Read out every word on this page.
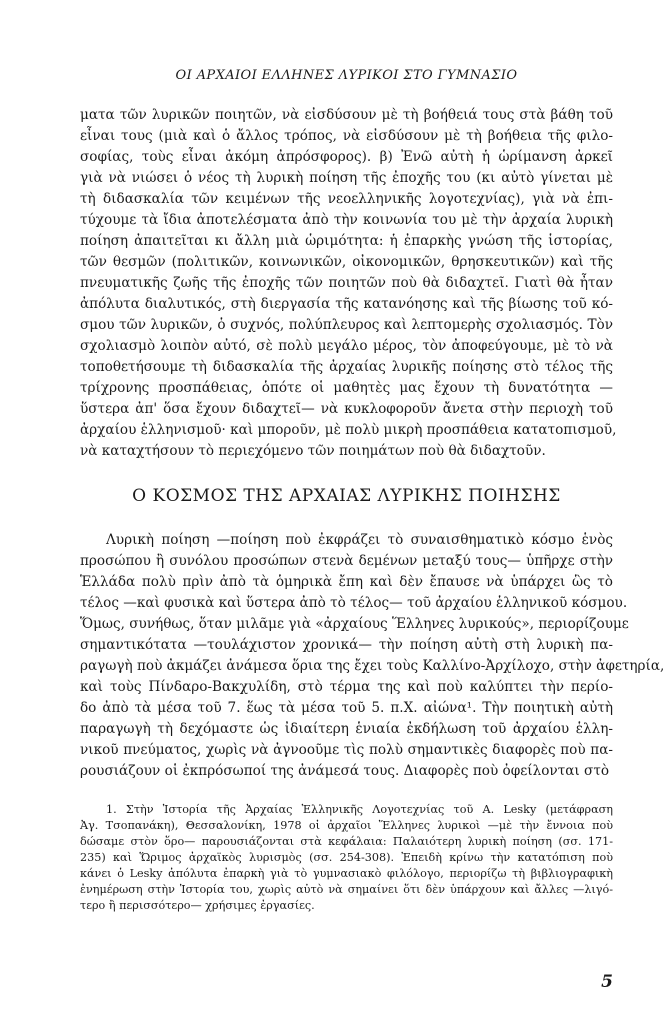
ΟΙ ΑΡΧΑΙΟΙ ΕΛΛΗΝΕΣ ΛΥΡΙΚΟΙ ΣΤΟ ΓΥΜΝΑΣΙΟ

ματα τῶν λυρικῶν ποιητῶν, νὰ εἰσδύσουν μὲ τὴ βοήθειά τους στὰ βάθη τοῦ
εἶναι τους (μιὰ καὶ ὁ ἄλλος τρόπος, νὰ εἰσδύσουν μὲ τὴ βοήθεια τῆς φιλο-
σοφίας, τοὺς εἶναι ἀκόμη ἀπρόσφορος). β) Ἐνῶ αὐτὴ ἡ ὡρίμανση ἀρκεῖ
γιὰ νὰ νιώσει ὁ νέος τὴ λυρικὴ ποίηση τῆς ἐποχῆς του (κι αὐτὸ γίνεται μὲ
τὴ διδασκαλία τῶν κειμένων τῆς νεοελληνικῆς λογοτεχνίας), γιὰ νὰ ἐπι-
τύχουμε τὰ ἴδια ἀποτελέσματα ἀπὸ τὴν κοινωνία του μὲ τὴν ἀρχαία λυρικὴ
ποίηση ἀπαιτεῖται κι ἄλλη μιὰ ὡριμότητα: ἡ ἐπαρκὴς γνώση τῆς ἱστορίας,
τῶν θεσμῶν (πολιτικῶν, κοινωνικῶν, οἰκονομικῶν, θρησκευτικῶν) καὶ τῆς
πνευματικῆς ζωῆς τῆς ἐποχῆς τῶν ποιητῶν ποὺ θὰ διδαχτεῖ. Γιατὶ θὰ ἦταν
ἀπόλυτα διαλυτικός, στὴ διεργασία τῆς κατανόησης καὶ τῆς βίωσης τοῦ κό-
σμου τῶν λυρικῶν, ὁ συχνός, πολύπλευρος καὶ λεπτομερὴς σχολιασμός. Τὸν
σχολιασμὸ λοιπὸν αὐτό, σὲ πολὺ μεγάλο μέρος, τὸν ἀποφεύγουμε, μὲ τὸ νὰ
τοποθετήσουμε τὴ διδασκαλία τῆς ἀρχαίας λυρικῆς ποίησης στὸ τέλος τῆς
τρίχρονης προσπάθειας, ὁπότε οἱ μαθητὲς μας ἔχουν τὴ δυνατότητα —
ὕστερα ἀπ' ὅσα ἔχουν διδαχτεῖ— νὰ κυκλοφοροῦν ἄνετα στὴν περιοχὴ τοῦ
ἀρχαίου ἑλληνισμοῦ· καὶ μποροῦν, μὲ πολὺ μικρὴ προσπάθεια κατατοπισμοῦ,
νὰ καταχτήσουν τὸ περιεχόμενο τῶν ποιημάτων ποὺ θὰ διδαχτοῦν.

Ο ΚΟΣΜΟΣ ΤΗΣ ΑΡΧΑΙΑΣ ΛΥΡΙΚΗΣ ΠΟΙΗΣΗΣ

Λυρικὴ ποίηση —ποίηση ποὺ ἐκφράζει τὸ συναισθηματικὸ κόσμο ἑνὸς
προσώπου ἢ συνόλου προσώπων στενὰ δεμένων μεταξύ τους— ὑπῆρχε στὴν
Ἑλλάδα πολὺ πρὶν ἀπὸ τὰ ὁμηρικὰ ἔπη καὶ δὲν ἔπαυσε νὰ ὑπάρχει ὣς τὸ
τέλος —καὶ φυσικὰ καὶ ὕστερα ἀπὸ τὸ τέλος— τοῦ ἀρχαίου ἑλληνικοῦ κόσμου.
Ὅμως, συνήθως, ὅταν μιλᾶμε γιὰ «ἀρχαίους Ἕλληνες λυρικούς», περιορίζουμε
σημαντικότατα —τουλάχιστον χρονικά— τὴν ποίηση αὐτὴ στὴ λυρικὴ πα-
ραγωγὴ ποὺ ἀκμάζει ἀνάμεσα ὅρια της ἔχει τοὺς Καλλίνο-Ἀρχίλοχο, στὴν ἀφετηρία,
καὶ τοὺς Πίνδαρο-Βακχυλίδη, στὸ τέρμα της καὶ ποὺ καλύπτει τὴν περίο-
δο ἀπὸ τὰ μέσα τοῦ 7. ἕως τὰ μέσα τοῦ 5. π.Χ. αἰώνα¹. Τὴν ποιητικὴ αὐτὴ
παραγωγὴ τὴ δεχόμαστε ὡς ἰδιαίτερη ἑνιαία ἐκδήλωση τοῦ ἀρχαίου ἑλλη-
νικοῦ πνεύματος, χωρὶς νὰ ἀγνοοῦμε τὶς πολὺ σημαντικὲς διαφορὲς ποὺ πα-
ρουσιάζουν οἱ ἐκπρόσωποί της ἀνάμεσά τους. Διαφορὲς ποὺ ὀφείλονται στὸ

1. Στὴν Ἱστορία τῆς Ἀρχαίας Ἑλληνικῆς Λογοτεχνίας τοῦ A. Lesky (μετάφραση
Ἀγ. Τσοπανάκη), Θεσσαλονίκη, 1978 οἱ ἀρχαῖοι Ἕλληνες λυρικοὶ —μὲ τὴν ἔννοια ποὺ
δώσαμε στὸν ὅρο— παρουσιάζονται στὰ κεφάλαια: Παλαιότερη λυρικὴ ποίηση (σσ. 171-
235) καὶ Ὥριμος ἀρχαϊκὸς λυρισμὸς (σσ. 254-308). Ἐπειδὴ κρίνω τὴν κατατόπιση ποὺ
κάνει ὁ Lesky ἀπόλυτα ἐπαρκὴ γιὰ τὸ γυμνασιακὸ φιλόλογο, περιορίζω τὴ βιβλιογραφικὴ
ἐνημέρωση στὴν Ἱστορία του, χωρὶς αὐτὸ νὰ σημαίνει ὅτι δὲν ὑπάρχουν καὶ ἄλλες —λιγό-
τερο ἢ περισσότερο— χρήσιμες ἐργασίες.

5
